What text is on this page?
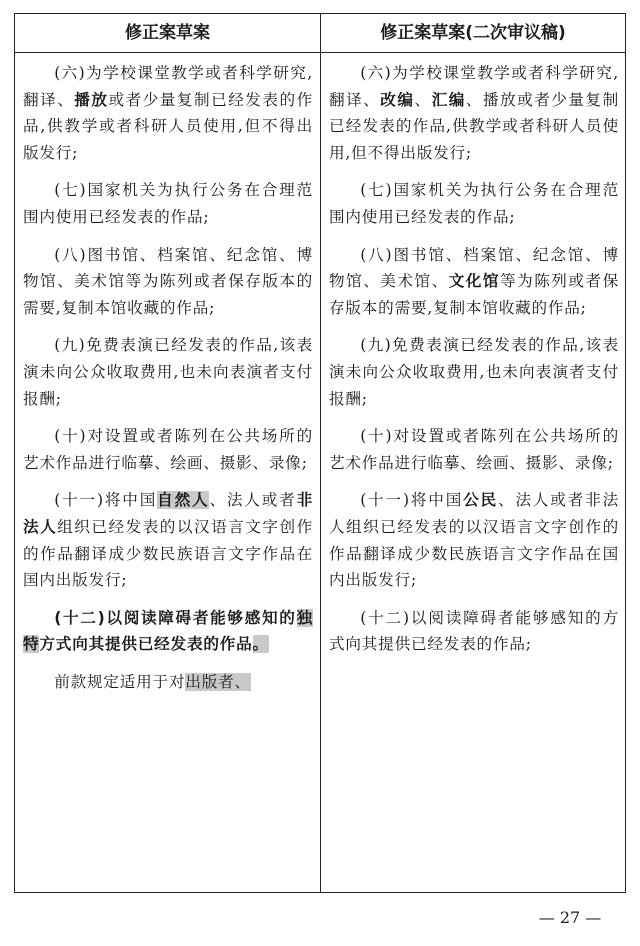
修正案草案	修正案草案(二次审议稿)

(六)为学校课堂教学或者科学研究,翻译、播放或者少量复制已经发表的作品,供教学或者科研人员使用,但不得出版发行;

(七)国家机关为执行公务在合理范围内使用已经发表的作品;

(八)图书馆、档案馆、纪念馆、博物馆、美术馆等为陈列或者保存版本的需要,复制本馆收藏的作品;

(九)免费表演已经发表的作品,该表演未向公众收取费用,也未向表演者支付报酬;

(十)对设置或者陈列在公共场所的艺术作品进行临摹、绘画、摄影、录像;

(十一)将中国自然人、法人或者非法人组织已经发表的以汉语言文字创作的作品翻译成少数民族语言文字作品在国内出版发行;

(十二)以阅读障碍者能够感知的独特方式向其提供已经发表的作品。

前款规定适用于对出版者、

(六)为学校课堂教学或者科学研究,翻译、改编、汇编、播放或者少量复制已经发表的作品,供教学或者科研人员使用,但不得出版发行;

(七)国家机关为执行公务在合理范围内使用已经发表的作品;

(八)图书馆、档案馆、纪念馆、博物馆、美术馆、文化馆等为陈列或者保存版本的需要,复制本馆收藏的作品;

(九)免费表演已经发表的作品,该表演未向公众收取费用,也未向表演者支付报酬;

(十)对设置或者陈列在公共场所的艺术作品进行临摹、绘画、摄影、录像;

(十一)将中国公民、法人或者非法人组织已经发表的以汉语言文字创作的作品翻译成少数民族语言文字作品在国内出版发行;

(十二)以阅读障碍者能够感知的方式向其提供已经发表的作品;

— 27 —
